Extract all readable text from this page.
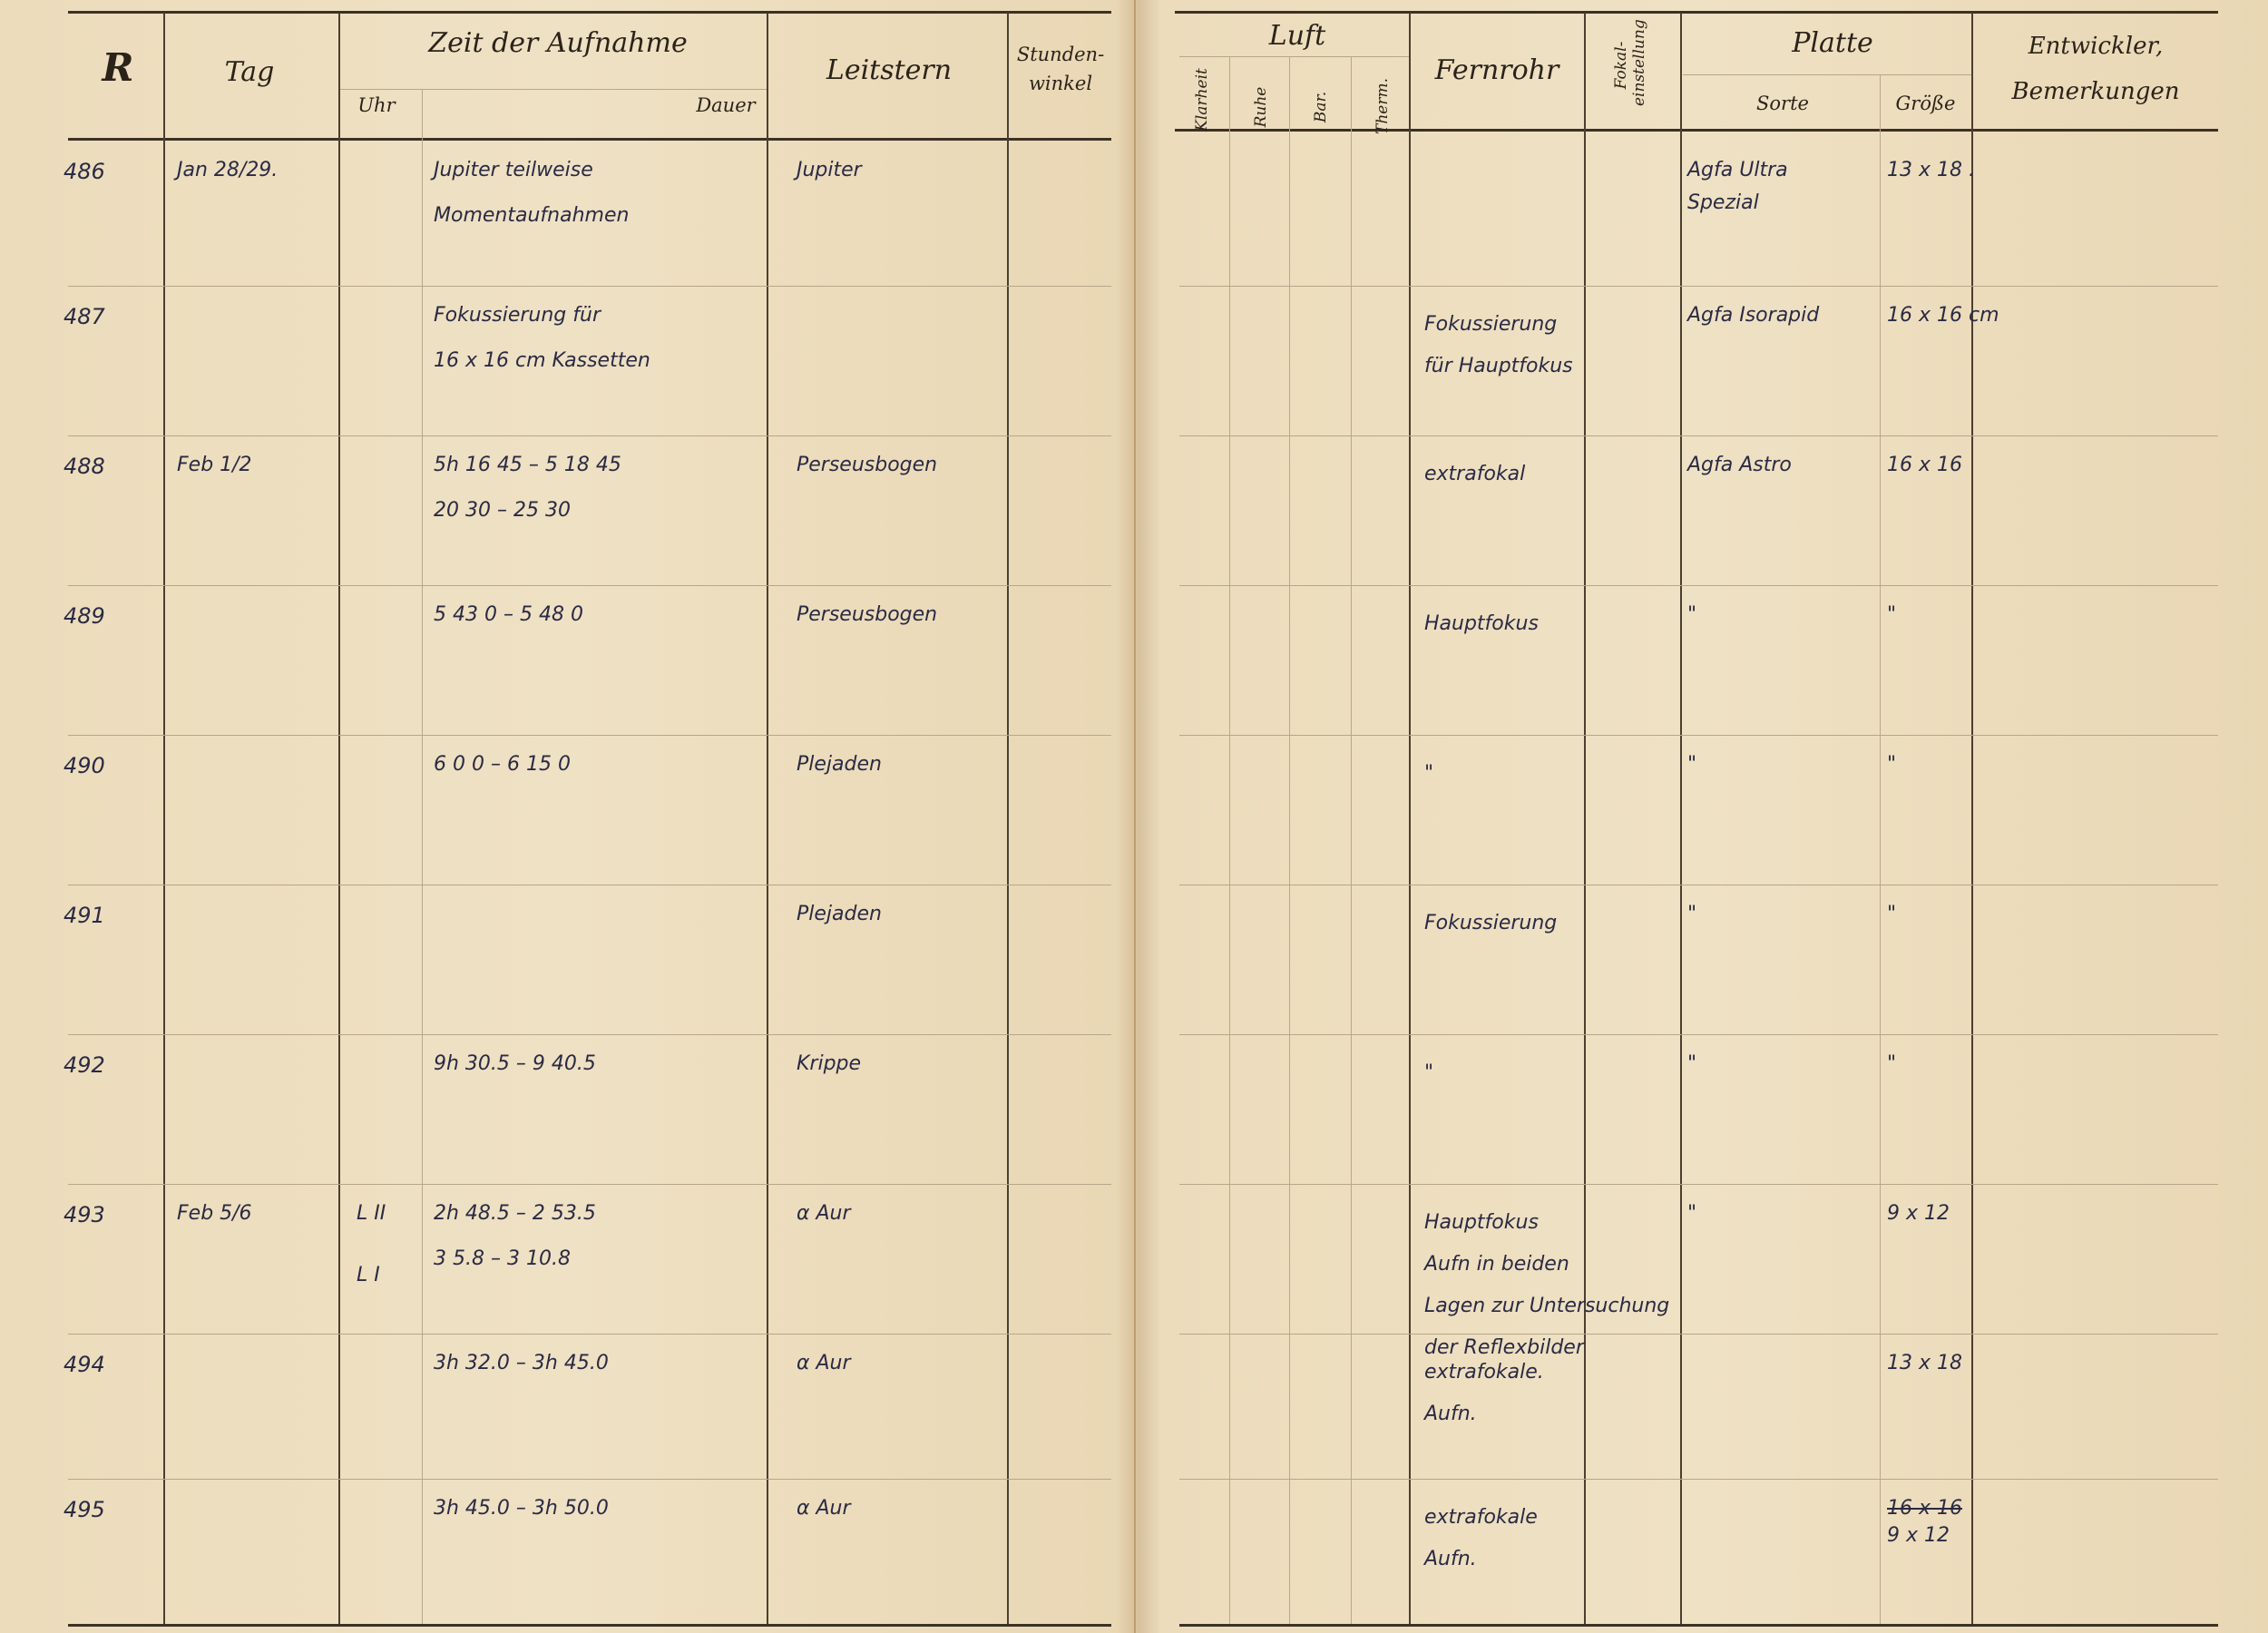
R	Tag
Zeit der Aufnahme
Uhr	Dauer
Leitstern	Stunden-
winkel
Luft
Klarheit	Ruhe	Bar.	Therm.
Fernrohr	Fokal- einstellung	Platte
Sorte	Größe
Entwickler,
Bemerkungen
486	Jan 28/29.	Jupiter teilweise
Momentaufnahmen
Jupiter	Agfa Ultra
Spezial
13 x 18 .
487	Fokussierung für
16 x 16 cm Kassetten
Fokussierung
für Hauptfokus
Agfa Isorapid	16 x 16 cm
488	Feb 1/2	5h 16 45 – 5 18 45
20 30 – 25 30
Perseusbogen	extrafokal	Agfa Astro	16 x 16
489	5 43 0 – 5 48 0	Perseusbogen	Hauptfokus	"	"
490	6 0 0 – 6 15 0	Plejaden	"	"	"
491	Plejaden	Fokussierung	"	"
492	9h 30.5 – 9 40.5	Krippe	"	"	"
493	Feb 5/6	L II
L I
2h 48.5 – 2 53.5
3 5.8 – 3 10.8
α Aur	Hauptfokus
Aufn in beiden
Lagen zur Untersuchung
der Reflexbilder
"	9 x 12
494	3h 32.0 – 3h 45.0	α Aur	extrafokale.
Aufn.
13 x 18
495	3h 45.0 – 3h 50.0	α Aur	extrafokale
Aufn.
16 x 16
9 x 12
